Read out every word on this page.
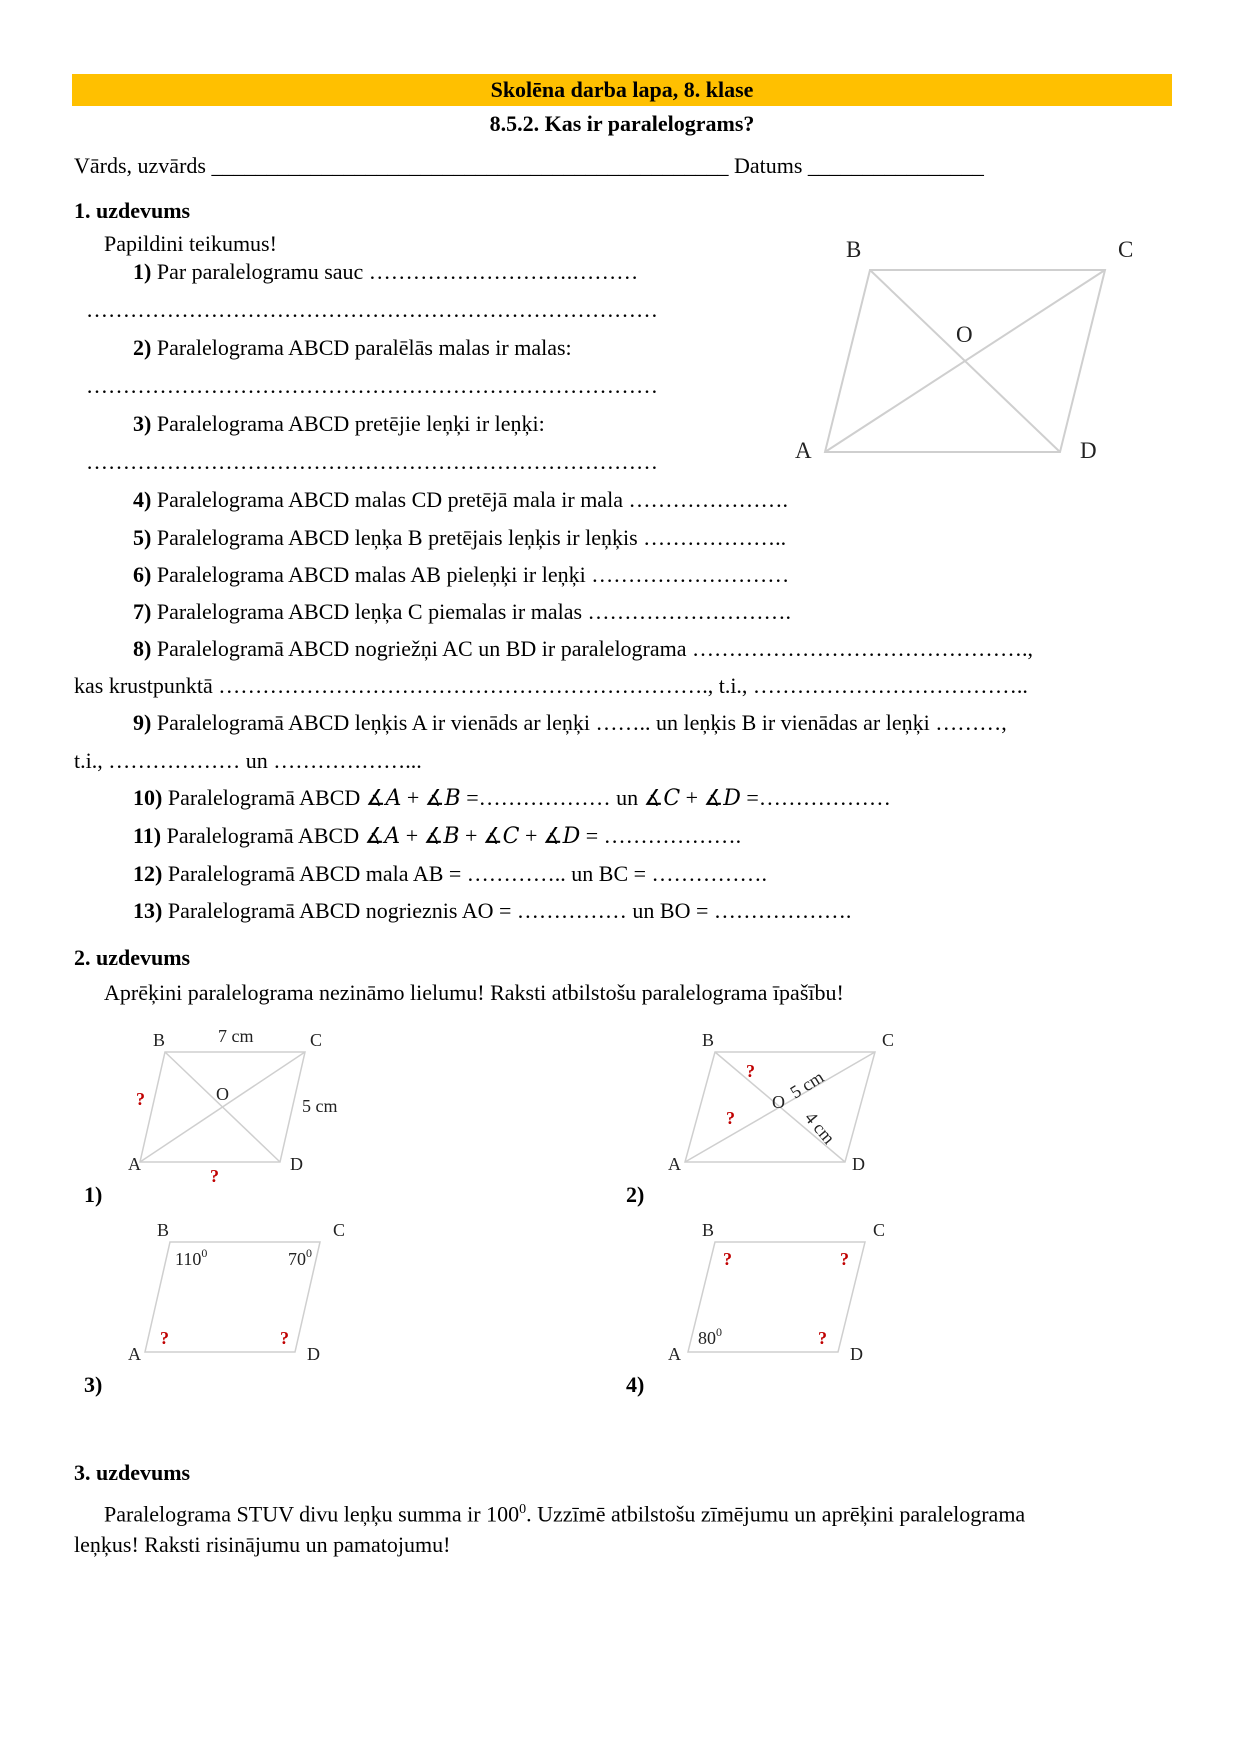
Skolēna darba lapa, 8. klase
8.5.2. Kas ir paralelograms?
Vārds, uzvārds _______________________________________________ Datums ________________
1. uzdevums
Papildini teikumus!
1) Par paralelogramu sauc ……………………….………
……………………………………………………………………
2) Paralelograma ABCD paralēlās malas ir malas:
……………………………………………………………………
3) Paralelograma ABCD pretējie leņķi ir leņķi:
……………………………………………………………………
4) Paralelograma ABCD malas CD pretējā mala ir mala ………………….
5) Paralelograma ABCD leņķa B pretējais leņķis ir leņķis ………………..
6) Paralelograma ABCD malas AB pieleņķi ir leņķi ………………………
7) Paralelograma ABCD leņķa C piemalas ir malas ……………………….
8) Paralelogramā ABCD nogriežņi AC un BD ir paralelograma ……………………………………….,
kas krustpunktā …………………………………………………………., t.i., ………………………………..
9) Paralelogramā ABCD leņķis A ir vienāds ar leņķi …….. un leņķis B ir vienādas ar leņķi ………,
t.i., ……………… un ………………...
10) Paralelogramā ABCD ∡𝐴 + ∡𝐵 =……………… un ∡𝐶 + ∡𝐷 =………………
11) Paralelogramā ABCD ∡𝐴 + ∡𝐵 + ∡𝐶 + ∡𝐷 = ……………….
12) Paralelogramā ABCD mala AB = ………….. un BC = …………….
13) Paralelogramā ABCD nogrieznis AO = …………… un BO = ……………….
B	C
O
A	D
2. uzdevums
Aprēķini paralelograma nezināmo lielumu! Raksti atbilstošu paralelograma īpašību!
B	C
A	D
O
7 cm
5 cm
?
?
1)
B	C
A	D
O 5 cm
4 cm
?
?
2)
B	C
A	D
$110^0$	$70^0$
?	?
3)
B	C
A	D
$80^0$
?	?
?
4)
3. uzdevums
Paralelograma STUV divu leņķu summa ir $100^0$. Uzzīmē atbilstošu zīmējumu un aprēķini paralelograma
leņķus! Raksti risinājumu un pamatojumu!
